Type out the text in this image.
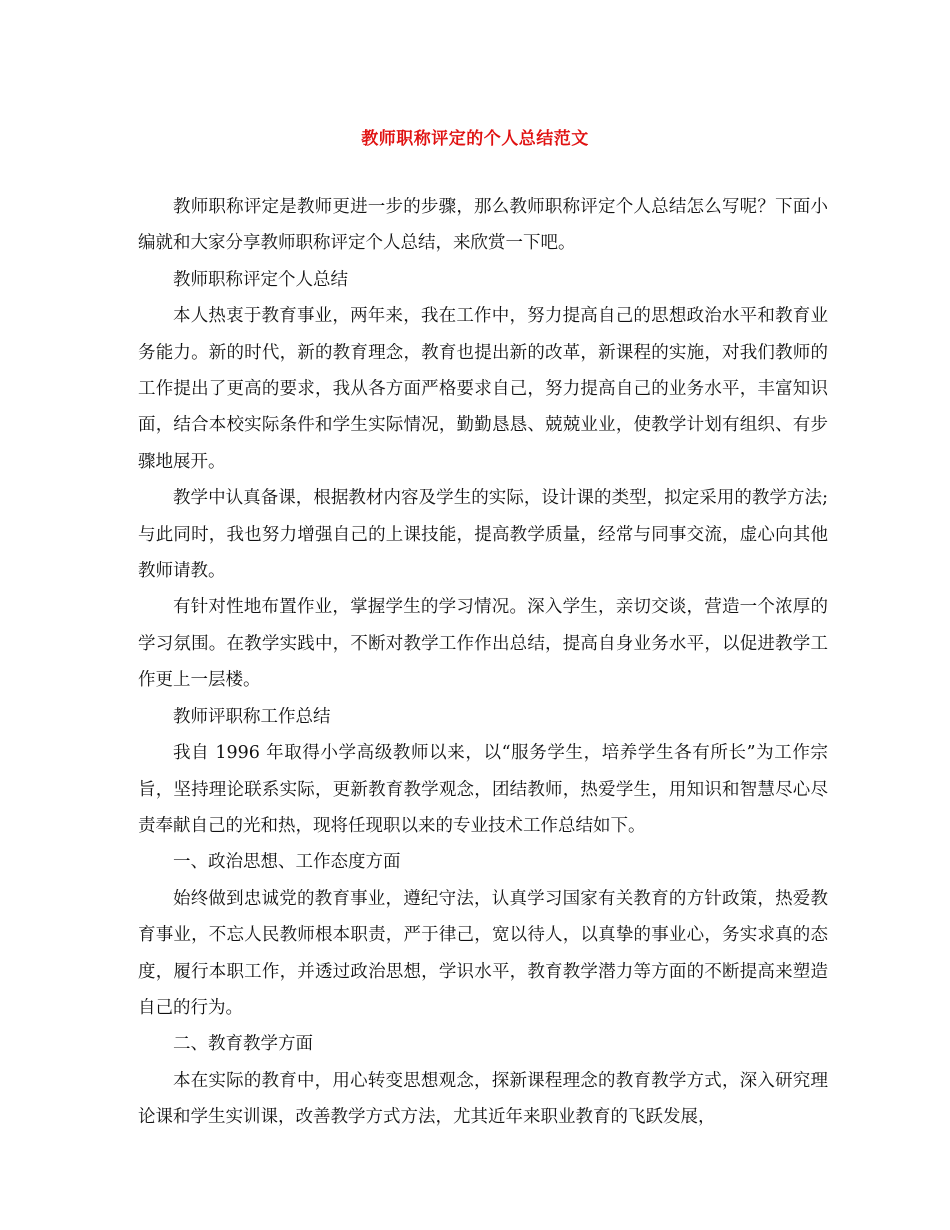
教师职称评定的个人总结范文

教师职称评定是教师更进一步的步骤，那么教师职称评定个人总结怎么写呢？下面小编就和大家分享教师职称评定个人总结，来欣赏一下吧。

教师职称评定个人总结

本人热衷于教育事业，两年来，我在工作中，努力提高自己的思想政治水平和教育业务能力。新的时代，新的教育理念，教育也提出新的改革，新课程的实施，对我们教师的工作提出了更高的要求，我从各方面严格要求自己，努力提高自己的业务水平，丰富知识面，结合本校实际条件和学生实际情况，勤勤恳恳、兢兢业业，使教学计划有组织、有步骤地展开。

教学中认真备课，根据教材内容及学生的实际，设计课的类型，拟定采用的教学方法;与此同时，我也努力增强自己的上课技能，提高教学质量，经常与同事交流，虚心向其他教师请教。

有针对性地布置作业，掌握学生的学习情况。深入学生，亲切交谈，营造一个浓厚的学习氛围。在教学实践中，不断对教学工作作出总结，提高自身业务水平，以促进教学工作更上一层楼。

教师评职称工作总结

我自 1996 年取得小学高级教师以来，以“服务学生，培养学生各有所长”为工作宗旨，坚持理论联系实际，更新教育教学观念，团结教师，热爱学生，用知识和智慧尽心尽责奉献自己的光和热，现将任现职以来的专业技术工作总结如下。

一、政治思想、工作态度方面

始终做到忠诚党的教育事业，遵纪守法，认真学习国家有关教育的方针政策，热爱教育事业，不忘人民教师根本职责，严于律己，宽以待人，以真挚的事业心，务实求真的态度，履行本职工作，并透过政治思想，学识水平，教育教学潜力等方面的不断提高来塑造自己的行为。

二、教育教学方面

本在实际的教育中，用心转变思想观念，探新课程理念的教育教学方式，深入研究理论课和学生实训课，改善教学方式方法，尤其近年来职业教育的飞跃发展，
